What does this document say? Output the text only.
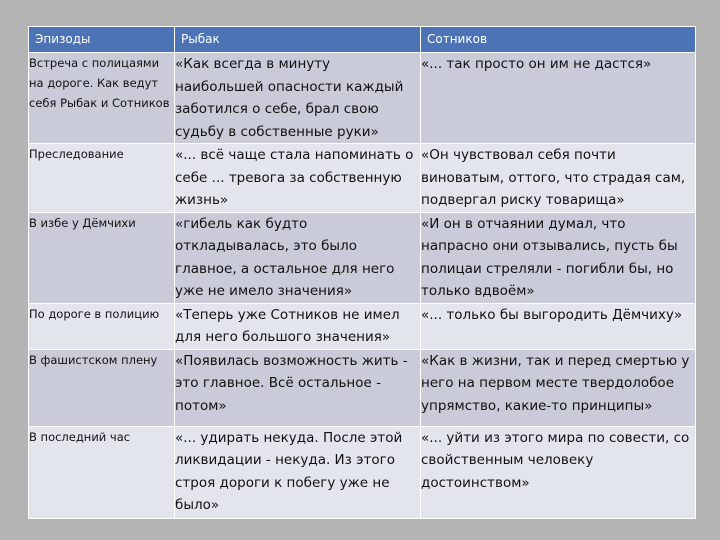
Эпизоды	Рыбак	Сотников
Встреча с полицаями на дороге. Как ведут себя Рыбак и Сотников	«Как всегда в минуту наибольшей опасности каждый заботился о себе, брал свою судьбу в собственные руки»	«... так просто он им не дастся»
Преследование	«... всё чаще стала напоминать о себе ... тревога за собственную жизнь»	«Он чувствовал себя почти виноватым, оттого, что страдая сам, подвергал риску товарища»
В избе у Дёмчихи	«гибель как будто откладывалась, это было главное, а остальное для него уже не имело значения»	«И он в отчаянии думал, что напрасно они отзывались, пусть бы полицаи стреляли - погибли бы, но только вдвоём»
По дороге в полицию	«Теперь уже Сотников не имел для него большого значения»	«... только бы выгородить Дёмчиху»
В фашистском плену	«Появилась возможность жить - это главное. Всё остальное - потом»	«Как в жизни, так и перед смертью у него на первом месте твердолобое упрямство, какие-то принципы»
В последний час	«... удирать некуда. После этой ликвидации - некуда. Из этого строя дороги к побегу уже не было»	«... уйти из этого мира по совести, со свойственным человеку достоинством»
